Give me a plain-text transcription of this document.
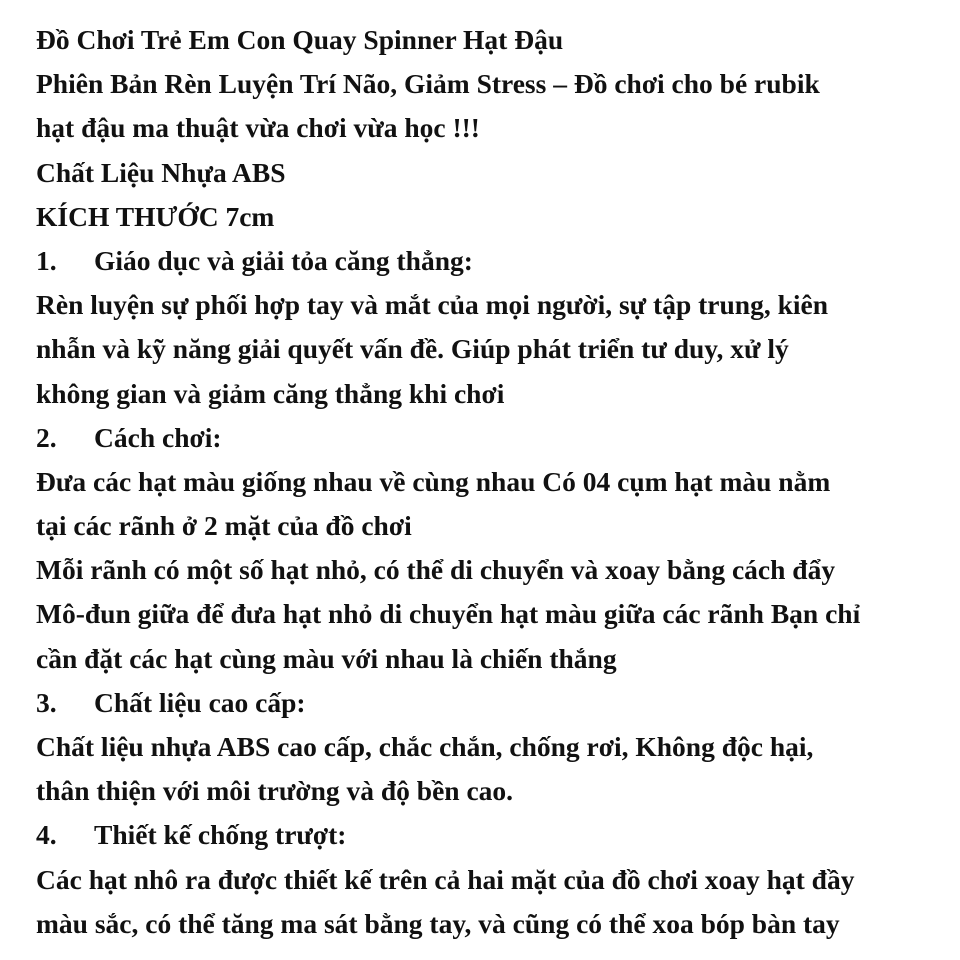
Đồ Chơi Trẻ Em Con Quay Spinner Hạt Đậu
Phiên Bản Rèn Luyện Trí Não, Giảm Stress – Đồ chơi cho bé rubik
hạt đậu ma thuật vừa chơi vừa học !!!
Chất Liệu Nhựa ABS
KÍCH THƯỚC 7cm
1. Giáo dục và giải tỏa căng thẳng:
Rèn luyện sự phối hợp tay và mắt của mọi người, sự tập trung, kiên
nhẫn và kỹ năng giải quyết vấn đề. Giúp phát triển tư duy, xử lý
không gian và giảm căng thẳng khi chơi
2. Cách chơi:
Đưa các hạt màu giống nhau về cùng nhau Có 04 cụm hạt màu nằm
tại các rãnh ở 2 mặt của đồ chơi
Mỗi rãnh có một số hạt nhỏ, có thể di chuyển và xoay bằng cách đẩy
Mô-đun giữa để đưa hạt nhỏ di chuyển hạt màu giữa các rãnh Bạn chỉ
cần đặt các hạt cùng màu với nhau là chiến thắng
3. Chất liệu cao cấp:
Chất liệu nhựa ABS cao cấp, chắc chắn, chống rơi, Không độc hại,
thân thiện với môi trường và độ bền cao.
4. Thiết kế chống trượt:
Các hạt nhô ra được thiết kế trên cả hai mặt của đồ chơi xoay hạt đầy
màu sắc, có thể tăng ma sát bằng tay, và cũng có thể xoa bóp bàn tay
